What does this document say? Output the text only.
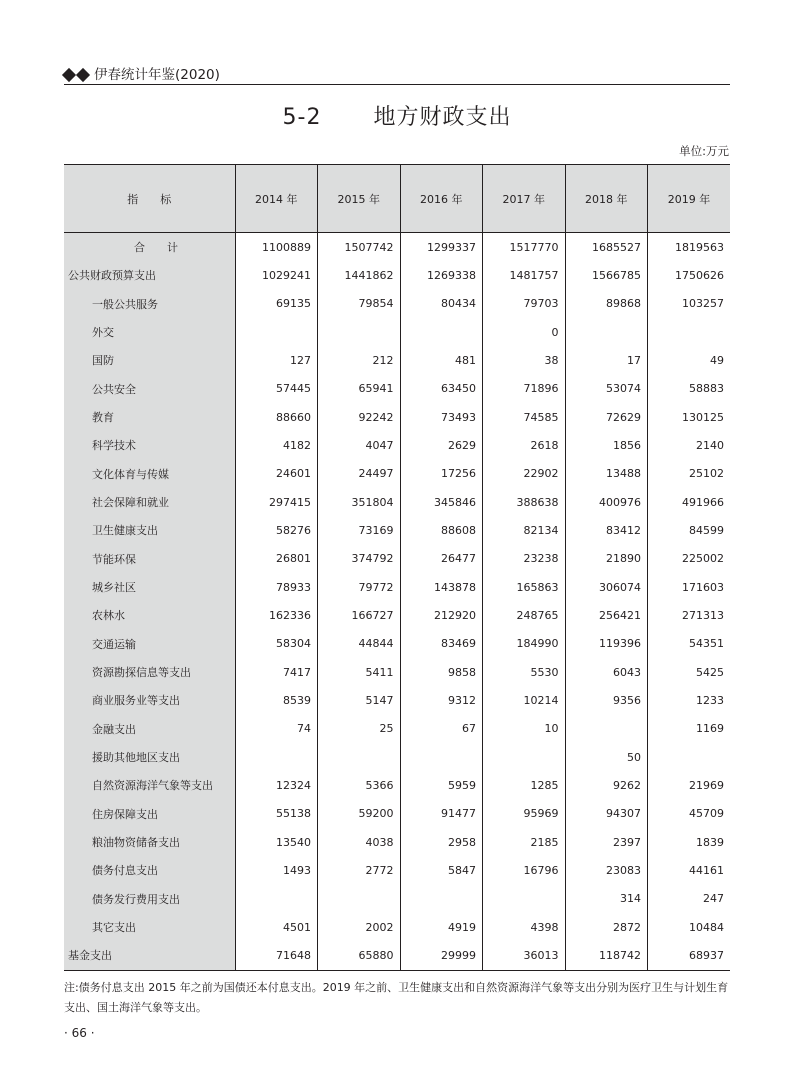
伊春统计年鉴(2020)
5-2 地方财政支出
单位:万元
指　　标	2014 年	2015 年	2016 年	2017 年	2018 年	2019 年
合　　计	1100889	1507742	1299337	1517770	1685527	1819563
公共财政预算支出	1029241	1441862	1269338	1481757	1566785	1750626
一般公共服务	69135	79854	80434	79703	89868	103257
外交				0		
国防	127	212	481	38	17	49
公共安全	57445	65941	63450	71896	53074	58883
教育	88660	92242	73493	74585	72629	130125
科学技术	4182	4047	2629	2618	1856	2140
文化体育与传媒	24601	24497	17256	22902	13488	25102
社会保障和就业	297415	351804	345846	388638	400976	491966
卫生健康支出	58276	73169	88608	82134	83412	84599
节能环保	26801	374792	26477	23238	21890	225002
城乡社区	78933	79772	143878	165863	306074	171603
农林水	162336	166727	212920	248765	256421	271313
交通运输	58304	44844	83469	184990	119396	54351
资源勘探信息等支出	7417	5411	9858	5530	6043	5425
商业服务业等支出	8539	5147	9312	10214	9356	1233
金融支出	74	25	67	10		1169
援助其他地区支出					50	
自然资源海洋气象等支出	12324	5366	5959	1285	9262	21969
住房保障支出	55138	59200	91477	95969	94307	45709
粮油物资储备支出	13540	4038	2958	2185	2397	1839
债务付息支出	1493	2772	5847	16796	23083	44161
债务发行费用支出					314	247
其它支出	4501	2002	4919	4398	2872	10484
基金支出	71648	65880	29999	36013	118742	68937
注:债务付息支出 2015 年之前为国债还本付息支出。2019 年之前、卫生健康支出和自然资源海洋气象等支出分别为医疗卫生与计划生育支出、国土海洋气象等支出。
· 66 ·
